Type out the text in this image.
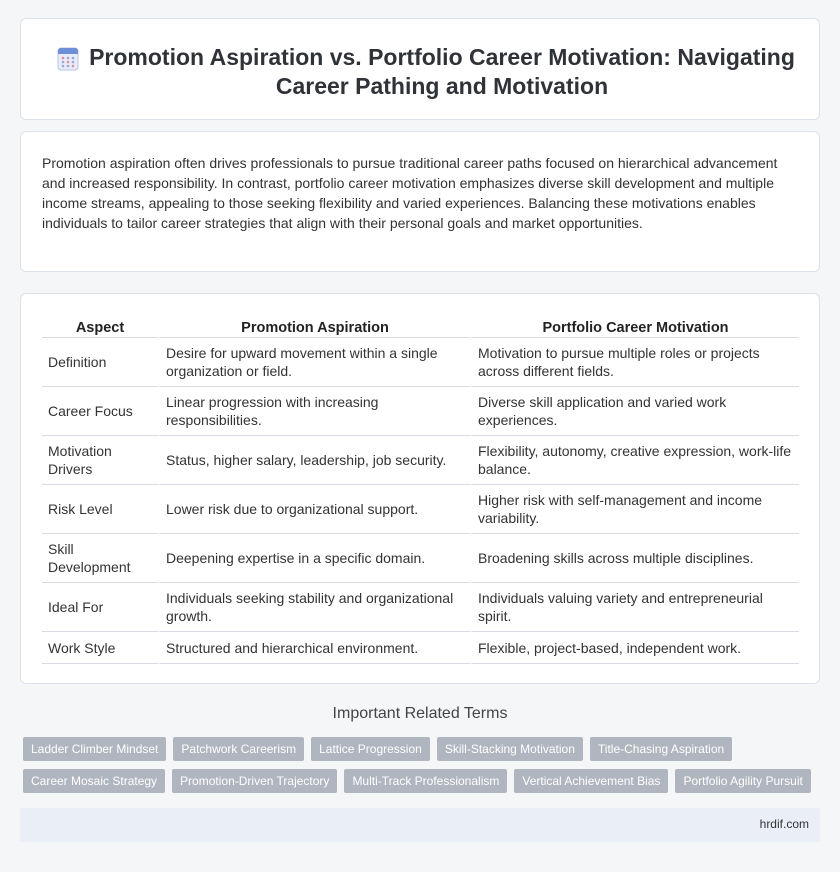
Promotion Aspiration vs. Portfolio Career Motivation: Navigating Career Pathing and Motivation

Promotion aspiration often drives professionals to pursue traditional career paths focused on hierarchical advancement and increased responsibility. In contrast, portfolio career motivation emphasizes diverse skill development and multiple income streams, appealing to those seeking flexibility and varied experiences. Balancing these motivations enables individuals to tailor career strategies that align with their personal goals and market opportunities.

Aspect	Promotion Aspiration	Portfolio Career Motivation
Definition	Desire for upward movement within a single organization or field.	Motivation to pursue multiple roles or projects across different fields.
Career Focus	Linear progression with increasing responsibilities.	Diverse skill application and varied work experiences.
Motivation Drivers	Status, higher salary, leadership, job security.	Flexibility, autonomy, creative expression, work-life balance.
Risk Level	Lower risk due to organizational support.	Higher risk with self-management and income variability.
Skill Development	Deepening expertise in a specific domain.	Broadening skills across multiple disciplines.
Ideal For	Individuals seeking stability and organizational growth.	Individuals valuing variety and entrepreneurial spirit.
Work Style	Structured and hierarchical environment.	Flexible, project-based, independent work.
Important Related Terms
Ladder Climber Mindset	Patchwork Careerism	Lattice Progression	Skill-Stacking Motivation	Title-Chasing Aspiration
Career Mosaic Strategy	Promotion-Driven Trajectory	Multi-Track Professionalism	Vertical Achievement Bias	Portfolio Agility Pursuit
hrdif.com
